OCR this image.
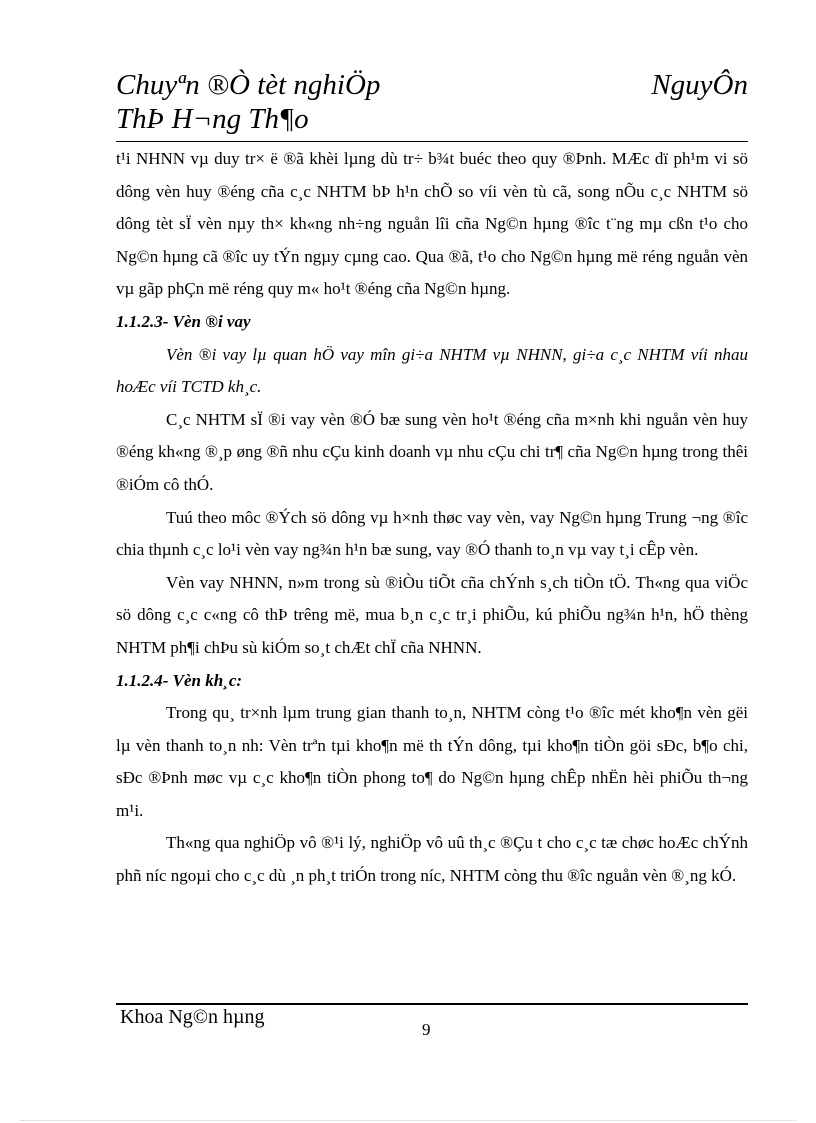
Chuyªn ®Ò tèt nghiÖp	NguyÔn
ThÞ H¬ng Th¶o

t¹i NHNN vµ duy tr× ë ®ã khèi lµng dù tr÷ b¾t buéc theo quy ®Þnh. MÆc dï ph¹m vi sö dông vèn huy ®éng cña c¸c NHTM bÞ h¹n chÕ so víi vèn tù cã, song nÕu c¸c NHTM sö dông tèt sÏ vèn nµy th× kh«ng nh÷ng nguån lîi cña Ng©n hµng ®îc t¨ng mµ cßn t¹o cho Ng©n hµng cã ®îc uy tÝn ngµy cµng cao. Qua ®ã, t¹o cho Ng©n hµng më réng nguån vèn vµ gãp phÇn më réng quy m« ho¹t ®éng cña Ng©n hµng.

1.1.2.3- Vèn ®i vay

Vèn ®i vay lµ quan hÖ vay mîn gi÷a NHTM vµ NHNN, gi÷a c¸c NHTM víi nhau hoÆc víi TCTD kh¸c.

C¸c NHTM sÏ ®i vay vèn ®Ó bæ sung vèn ho¹t ®éng cña m×nh khi nguån vèn huy ®éng kh«ng ®¸p øng ®ñ nhu cÇu kinh doanh vµ nhu cÇu chi tr¶ cña Ng©n hµng trong thêi ®iÓm cô thÓ.

Tuú theo môc ®Ých sö dông vµ h×nh thøc vay vèn, vay Ng©n hµng Trung ¬ng ®îc chia thµnh c¸c lo¹i vèn vay ng¾n h¹n bæ sung, vay ®Ó thanh to¸n vµ vay t¸i cÊp vèn.

Vèn vay NHNN, n»m trong sù ®iÒu tiÕt cña chÝnh s¸ch tiÒn tÖ. Th«ng qua viÖc sö dông c¸c c«ng cô thÞ trêng më, mua b¸n c¸c tr¸i phiÕu, kú phiÕu ng¾n h¹n, hÖ thèng NHTM ph¶i chÞu sù kiÓm so¸t chÆt chÏ cña NHNN.

1.1.2.4- Vèn kh¸c:

Trong qu¸ tr×nh lµm trung gian thanh to¸n, NHTM còng t¹o ®îc mét kho¶n vèn gëi lµ vèn thanh to¸n nh: Vèn trªn tµi kho¶n më th tÝn dông, tµi kho¶n tiÒn göi sÐc, b¶o chi, sÐc ®Þnh møc vµ c¸c kho¶n tiÒn phong to¶ do Ng©n hµng chÊp nhËn hèi phiÕu th¬ng m¹i.

Th«ng qua nghiÖp vô ®¹i lý, nghiÖp vô uû th¸c ®Çu t cho c¸c tæ chøc hoÆc chÝnh phñ níc ngoµi cho c¸c dù ¸n ph¸t triÓn trong níc, NHTM còng thu ®îc nguån vèn ®¸ng kÓ.

Khoa Ng©n hµng
9
